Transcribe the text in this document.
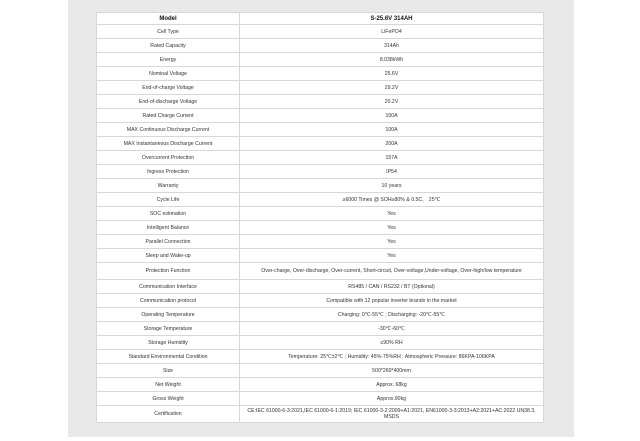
Model	S-25.6V 314AH
Cell Type	LiFePO4
Rated Capacity	314Ah
Energy	8.038kWh
Nominal Voltage	25.6V
End-of-charge Voltage	29.2V
End-of-discharge Voltage	20.2V
Rated Charge Current	100A
MAX Continuous Discharge Current	100A
MAX Instantaneous Discharge Current	200A
Overcurrent Protection	157A
Ingress Protection	IP54
Warranty	10 years
Cycle Life	≥6000 Times @ SOH≥80% & 0.5C， 25℃
SOC estimation	Yes
Intelligent Balance	Yes
Parallel Connection	Yes
Sleep and Wake-up	Yes
Protection Function	Over-charge, Over-discharge, Over-current, Short-circuit, Over-voltage,Under-voltage, Over-high/low temperature
Communication Interface	RS485 / CAN / RS232 / BT (Optional)
Communication protocol	Compatible with 12 popular inverter brands in the market
Operating Temperature	Charging: 0℃-55℃ ; Discharging: -20℃-55℃
Storage Temperature	-30℃-60℃
Storage Humidity	≤90% RH
Standard Environmental Condition	Temperature: 25℃±2℃ ; Humidity: 45%-75%RH ; Atmospheric Pressure: 86KPA-106KPA
Size	500*260*400mm
Net Weight	Approx. 68kg
Gross Weight	Approx.90kg
Certification	CE:IEC 61000-6-3:2021,IEC 61000-6-1:2019; IEC 61000-3-2:2009+A1:2021, EN61000-3-3:2013+A2:2021+AC:2022 UN38.3, MSDS
